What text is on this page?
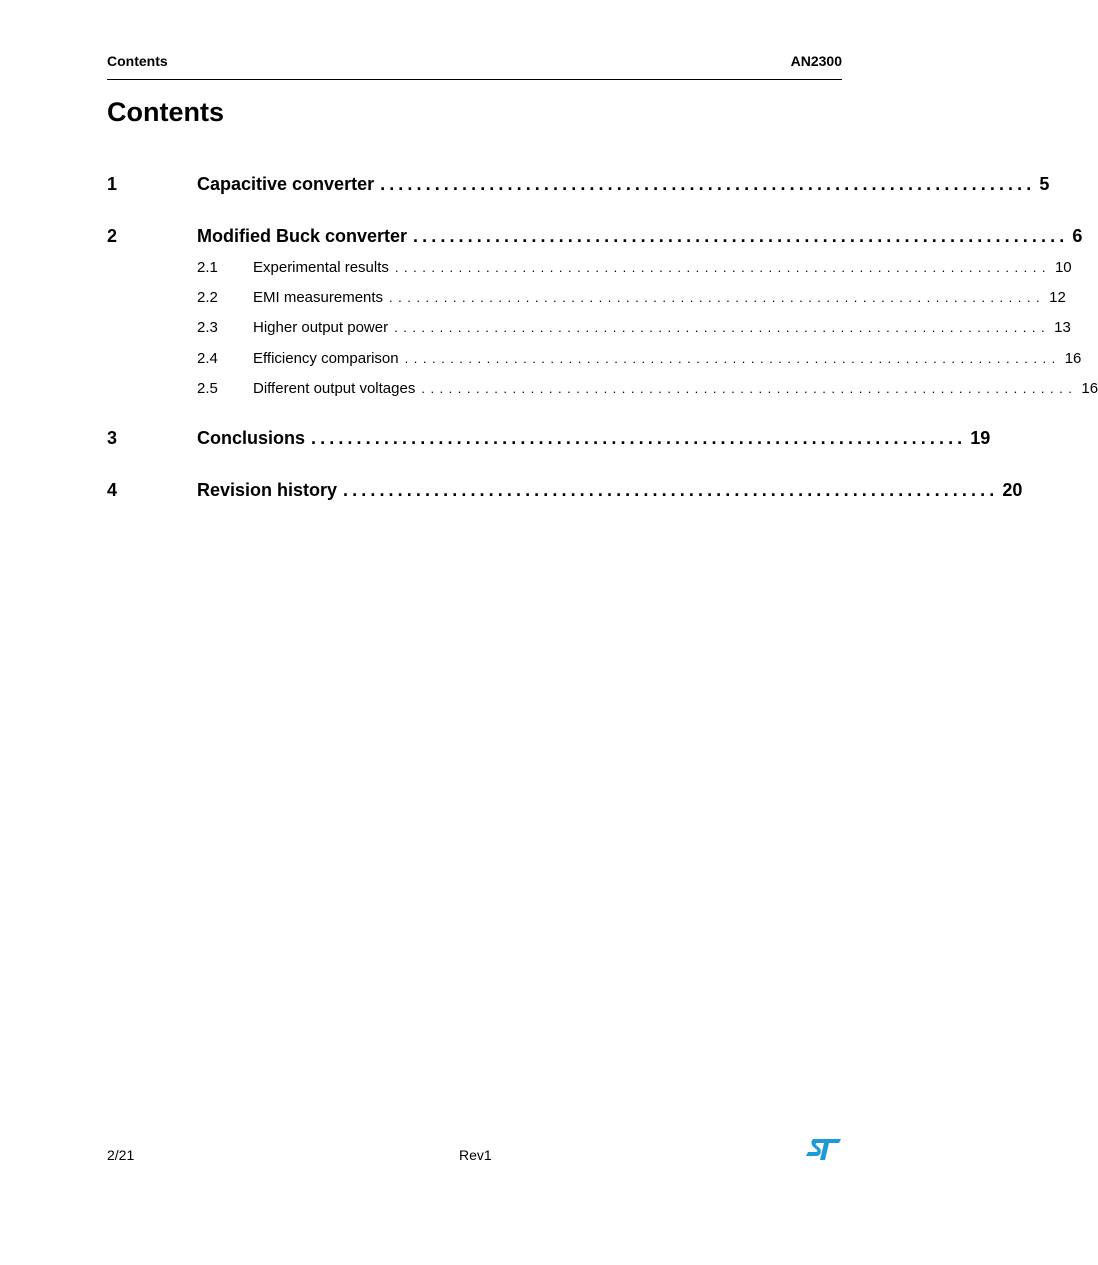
Contents	AN2300
Contents
1	Capacitive converter ........................................................................ 5
2	Modified Buck converter ........................................................................ 6
2.1	Experimental results ........................................................................ 10
2.2	EMI measurements ........................................................................ 12
2.3	Higher output power ........................................................................ 13
2.4	Efficiency comparison ........................................................................ 16
2.5	Different output voltages ........................................................................ 16
3	Conclusions ........................................................................ 19
4	Revision history ........................................................................ 20
2/21	Rev1
